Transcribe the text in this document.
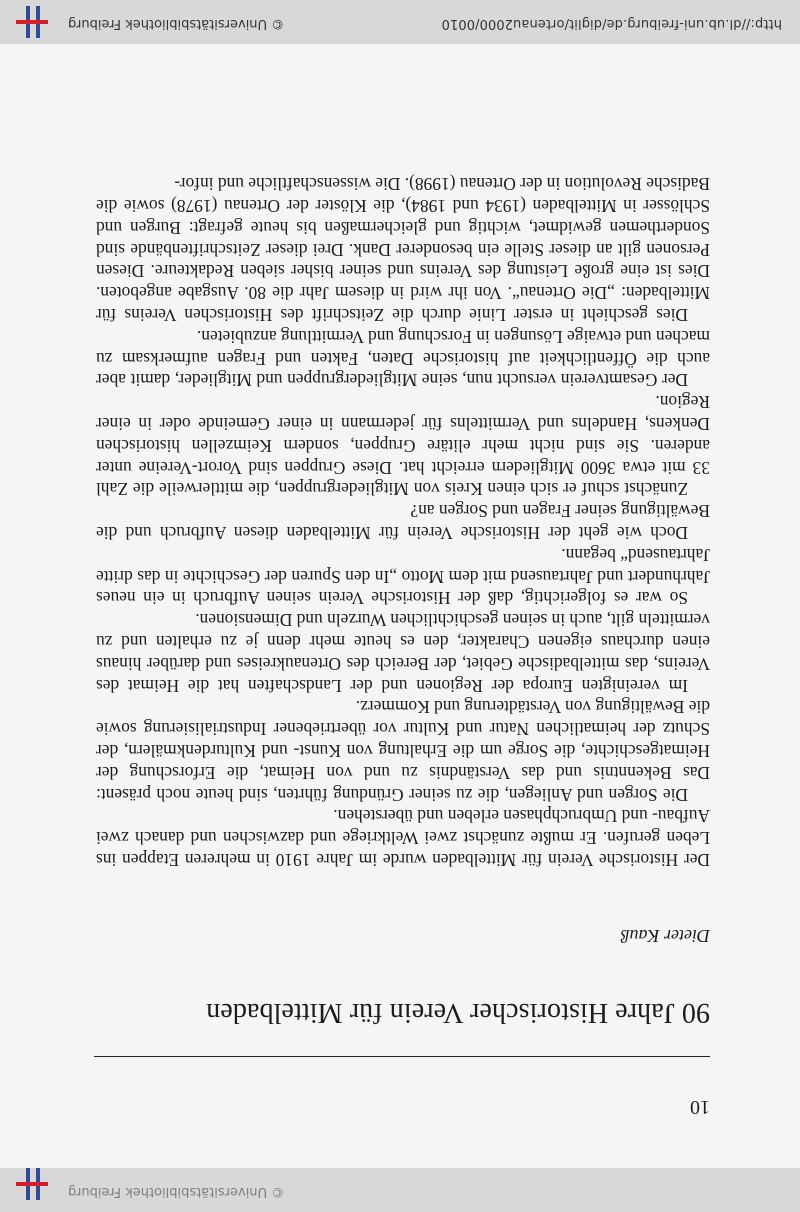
© Universitätsbibliothek Freiburg
10
90 Jahre Historischer Verein für Mittelbaden
Dieter Kauß

Der Historische Verein für Mittelbaden wurde im Jahre 1910 in mehreren Etappen ins Leben gerufen. Er mußte zunächst zwei Weltkriege und dazwischen und danach zwei Aufbau- und Umbruchphasen erleben und überstehen.

Die Sorgen und Anliegen, die zu seiner Gründung führten, sind heute noch präsent: Das Bekenntnis und das Verständnis zu und von Heimat, die Erforschung der Heimatgeschichte, die Sorge um die Erhaltung von Kunst- und Kulturdenkmälern, der Schutz der heimatlichen Natur und Kultur vor übertriebener Industrialisierung sowie die Bewältigung von Verstädterung und Kommerz.

Im vereinigten Europa der Regionen und der Landschaften hat die Heimat des Vereins, das mittelbadische Gebiet, der Bereich des Ortenaukreises und darüber hinaus einen durchaus eigenen Charakter, den es heute mehr denn je zu erhalten und zu vermitteln gilt, auch in seinen geschichtlichen Wurzeln und Dimensionen.

So war es folgerichtig, daß der Historische Verein seinen Aufbruch in ein neues Jahrhundert und Jahrtausend mit dem Motto „In den Spuren der Geschichte in das dritte Jahrtausend“ begann.

Doch wie geht der Historische Verein für Mittelbaden diesen Aufbruch und die Bewältigung seiner Fragen und Sorgen an?

Zunächst schuf er sich einen Kreis von Mitgliedergruppen, die mittlerweile die Zahl 33 mit etwa 3600 Mitgliedern erreicht hat. Diese Gruppen sind Vorort-Vereine unter anderen. Sie sind nicht mehr elitäre Gruppen, sondern Keimzellen historischen Denkens, Handelns und Vermittelns für jedermann in einer Gemeinde oder in einer Region.

Der Gesamtverein versucht nun, seine Mitgliedergruppen und Mitglieder, damit aber auch die Öffentlichkeit auf historische Daten, Fakten und Fragen aufmerksam zu machen und etwaige Lösungen in Forschung und Vermittlung anzubieten.

Dies geschieht in erster Linie durch die Zeitschrift des Historischen Vereins für Mittelbaden: „Die Ortenau“. Von ihr wird in diesem Jahr die 80. Ausgabe angeboten. Dies ist eine große Leistung des Vereins und seiner bisher sieben Redakteure. Diesen Personen gilt an dieser Stelle ein besonderer Dank. Drei dieser Zeitschriftenbände sind Sonderthemen gewidmet, wichtig und gleichermaßen bis heute gefragt: Burgen und Schlösser in Mittelbaden (1934 und 1984), die Klöster der Ortenau (1978) sowie die Badische Revolution in der Ortenau (1998). Die wissenschaftliche und infor-

http://dl.ub.uni-freiburg.de/diglit/ortenau2000/0010
© Universitätsbibliothek Freiburg
